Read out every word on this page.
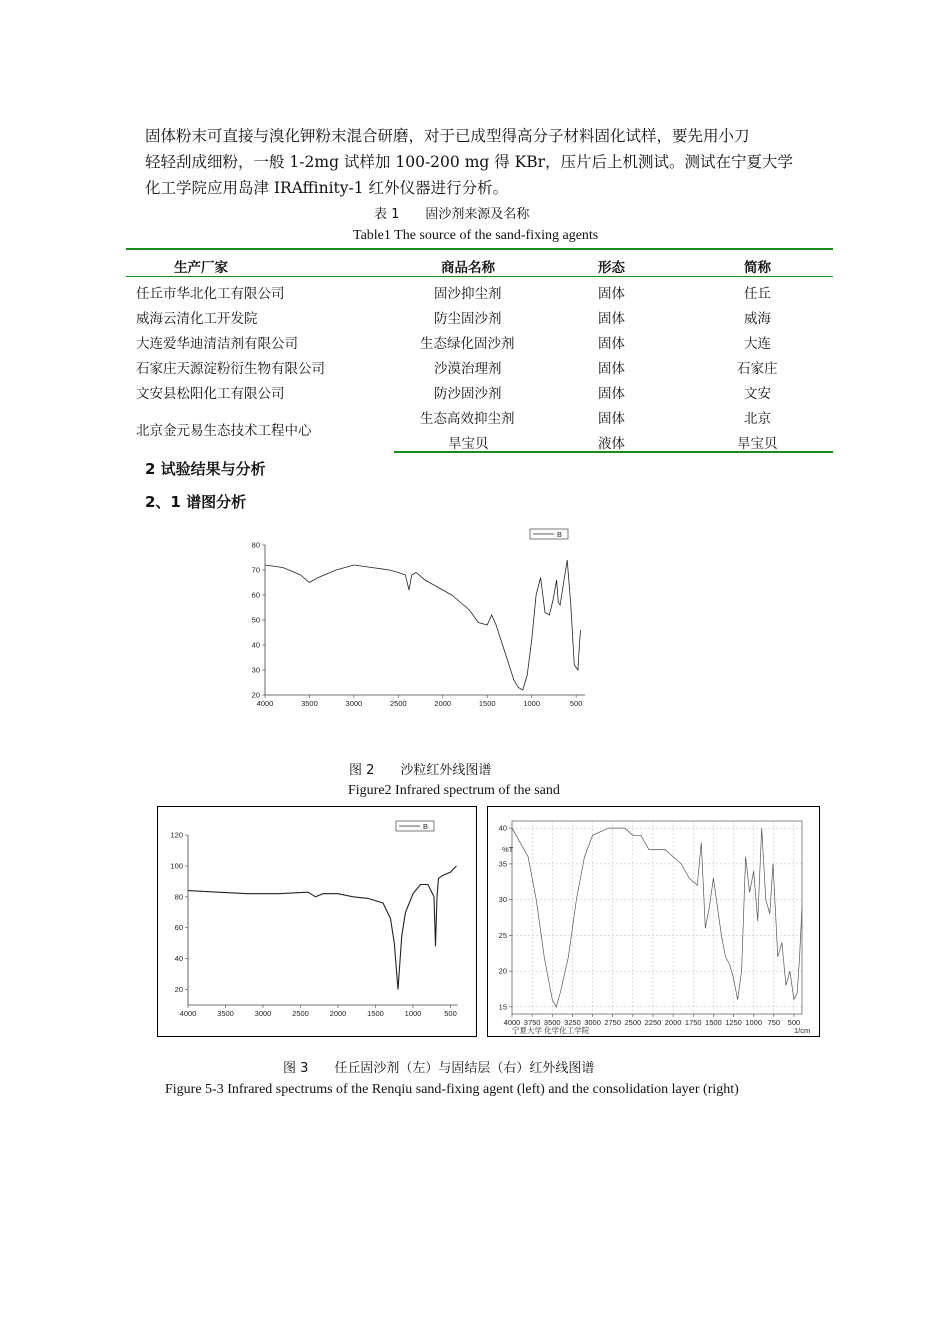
固体粉末可直接与溴化钾粉末混合研磨，对于已成型得高分子材料固化试样，要先用小刀
轻轻刮成细粉，一般 1-2mg 试样加 100-200 mg 得 KBr，压片后上机测试。测试在宁夏大学
化工学院应用岛津 IRAffinity-1 红外仪器进行分析。
表 1　　固沙剂来源及名称
Table1 The source of the sand-fixing agents
生产厂家	商品名称	形态	简称
任丘市华北化工有限公司	固沙抑尘剂	固体	任丘
威海云清化工开发院	防尘固沙剂	固体	威海
大连爱华迪清洁剂有限公司	生态绿化固沙剂	固体	大连
石家庄天源淀粉衍生物有限公司	沙漠治理剂	固体	石家庄
文安县松阳化工有限公司	防沙固沙剂	固体	文安
北京金元易生态技术工程中心
生态高效抑尘剂	固体	北京
旱宝贝	液体	旱宝贝
2 试验结果与分析
2、1 谱图分析
4000	3500	3000	2500	2000	1500	1000	500
20
30
40
50
60
70
80
B
图 2　　沙粒红外线图谱
Figure2 Infrared spectrum of the sand
4000	3500	3000	2500	2000	1500	1000	500
20
40
60
80
100
120
B
4000 3750 3500 3250 3000 2750 2500 2250 2000 1750 1500 1250 1000 750 500
15
20
25
30
35
40
%T
1/cm
宁夏大学 化学化工学院
图 3　　任丘固沙剂（左）与固结层（右）红外线图谱
Figure 5-3 Infrared spectrums of the Renqiu sand-fixing agent (left) and the consolidation layer (right)
